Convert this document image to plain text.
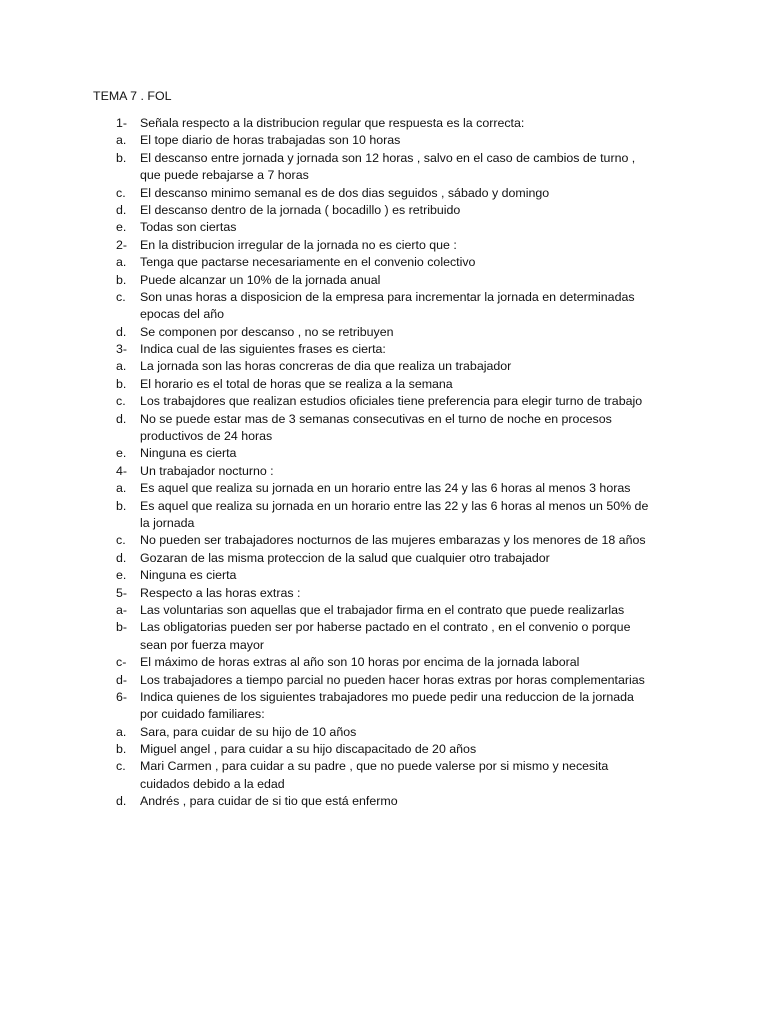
TEMA 7 . FOL
1- Señala respecto a la distribucion regular que respuesta es la correcta:
a. El tope diario de horas trabajadas son 10 horas
b. El descanso entre jornada y jornada son 12 horas , salvo en el caso de cambios de turno ,
que puede rebajarse a 7 horas
c. El descanso minimo semanal es de dos dias seguidos , sábado y domingo
d. El descanso dentro de la jornada ( bocadillo ) es retribuido
e. Todas son ciertas
2- En la distribucion irregular de la jornada no es cierto que :
a. Tenga que pactarse necesariamente en el convenio colectivo
b. Puede alcanzar un 10% de la jornada anual
c. Son unas horas a disposicion de la empresa para incrementar la jornada en determinadas
epocas del año
d. Se componen por descanso , no se retribuyen
3- Indica cual de las siguientes frases es cierta:
a. La jornada son las horas concreras de dia que realiza un trabajador
b. El horario es el total de horas que se realiza a la semana
c. Los trabajdores que realizan estudios oficiales tiene preferencia para elegir turno de trabajo
d. No se puede estar mas de 3 semanas consecutivas en el turno de noche en procesos
productivos de 24 horas
e. Ninguna es cierta
4- Un trabajador nocturno :
a. Es aquel que realiza su jornada en un horario entre las 24 y las 6 horas al menos 3 horas
b. Es aquel que realiza su jornada en un horario entre las 22 y las 6 horas al menos un 50% de
la jornada
c. No pueden ser trabajadores nocturnos de las mujeres embarazas y los menores de 18 años
d. Gozaran de las misma proteccion de la salud que cualquier otro trabajador
e. Ninguna es cierta
5- Respecto a las horas extras :
a- Las voluntarias son aquellas que el trabajador firma en el contrato que puede realizarlas
b- Las obligatorias pueden ser por haberse pactado en el contrato , en el convenio o porque
sean por fuerza mayor
c- El máximo de horas extras al año son 10 horas por encima de la jornada laboral
d- Los trabajadores a tiempo parcial no pueden hacer horas extras por horas complementarias
6- Indica quienes de los siguientes trabajadores mo puede pedir una reduccion de la jornada
por cuidado familiares:
a. Sara, para cuidar de su hijo de 10 años
b. Miguel angel , para cuidar a su hijo discapacitado de 20 años
c. Mari Carmen , para cuidar a su padre , que no puede valerse por si mismo y necesita
cuidados debido a la edad
d. Andrés , para cuidar de si tio que está enfermo
